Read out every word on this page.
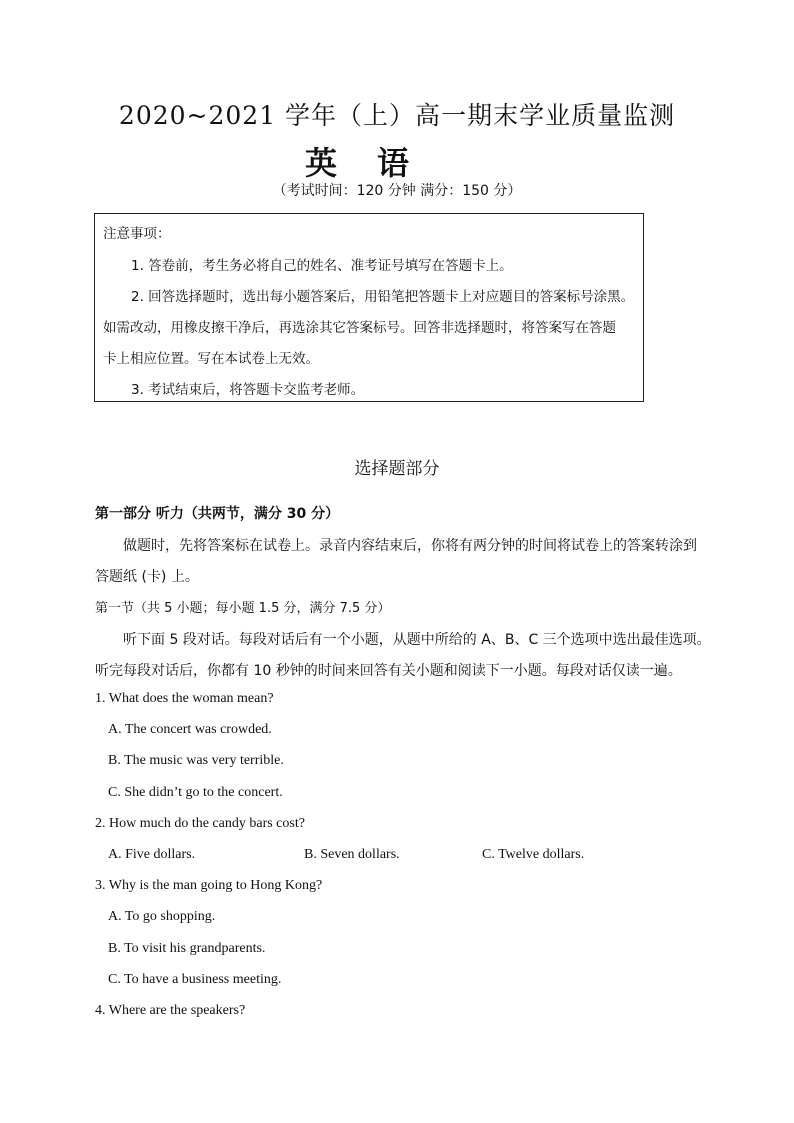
2020~2021 学年（上）高一期末学业质量监测
英语
（考试时间：120 分钟 满分：150 分）
注意事项：
1. 答卷前，考生务必将自己的姓名、准考证号填写在答题卡上。
2. 回答选择题时，选出每小题答案后，用铅笔把答题卡上对应题目的答案标号涂黑。
如需改动，用橡皮擦干净后，再选涂其它答案标号。回答非选择题时，将答案写在答题
卡上相应位置。写在本试卷上无效。
3. 考试结束后，将答题卡交监考老师。
选择题部分
第一部分 听力（共两节，满分 30 分）
做题时，先将答案标在试卷上。录音内容结束后，你将有两分钟的时间将试卷上的答案转涂到
答题纸 (卡) 上。
第一节（共 5 小题；每小题 1.5 分，满分 7.5 分）
听下面 5 段对话。每段对话后有一个小题，从题中所给的 A、B、C 三个选项中选出最佳选项。
听完每段对话后，你都有 10 秒钟的时间来回答有关小题和阅读下一小题。每段对话仅读一遍。
1. What does the woman mean?
A. The concert was crowded.
B. The music was very terrible.
C. She didn’t go to the concert.
2. How much do the candy bars cost?
A. Five dollars.	B. Seven dollars.	C. Twelve dollars.
3. Why is the man going to Hong Kong?
A. To go shopping.
B. To visit his grandparents.
C. To have a business meeting.
4. Where are the speakers?
